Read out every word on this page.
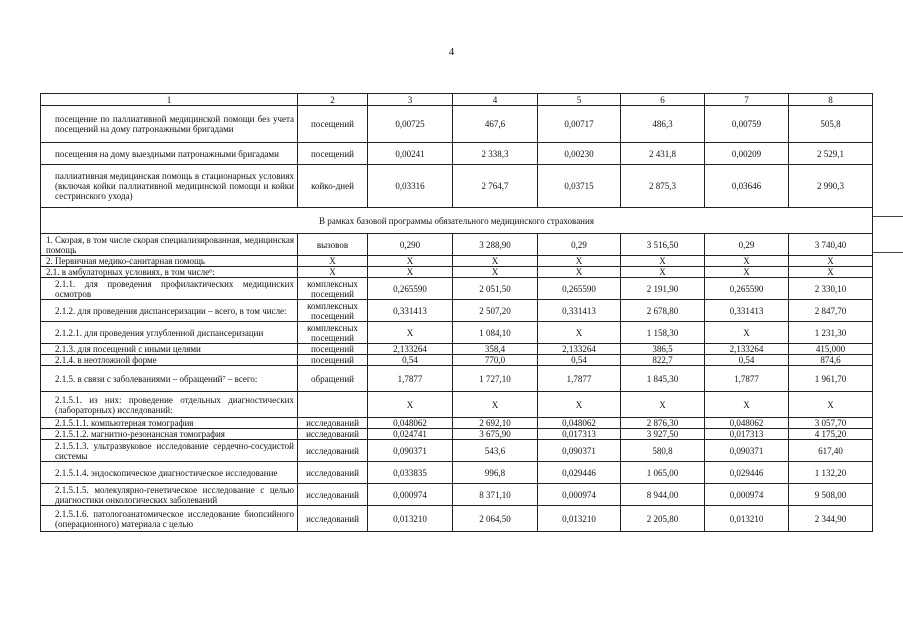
4
1	2	3	4	5	6	7	8
посещение по паллиативной медицинской помощи без учета посещений на дому патронажными бригадами	посещений	0,00725	467,6	0,00717	486,3	0,00759	505,8
посещения на дому выездными патронажными бригадами	посещений	0,00241	2 338,3	0,00230	2 431,8	0,00209	2 529,1
паллиативная медицинская помощь в стационарных условиях (включая койки паллиативной медицинской помощи и койки сестринского ухода)	койко-дней	0,03316	2 764,7	0,03715	2 875,3	0,03646	2 990,3
В рамках базовой программы обязательного медицинского страхования							
1. Скорая, в том числе скорая специализированная, медицинская помощь	вызовов	0,290	3 288,90	0,29	3 516,50	0,29	3 740,40
2. Первичная медико-санитарная помощь	Х	Х	Х	Х	Х	Х	Х
2.1. в амбулаторных условиях, в том числе⁶:	Х	Х	Х	Х	Х	Х	Х
2.1.1. для проведения профилактических медицинских осмотров	комплексных посещений	0,265590	2 051,50	0,265590	2 191,90	0,265590	2 330,10
2.1.2. для проведения диспансеризации – всего, в том числе:	комплексных посещений	0,331413	2 507,20	0,331413	2 678,80	0,331413	2 847,70
2.1.2.1. для проведения углубленной диспансеризации	комплексных посещений	Х	1 084,10	Х	1 158,30	Х	1 231,30
2.1.3. для посещений с иными целями	посещений	2,133264	358,4	2,133264	386,5	2,133264	415,000
2.1.4. в неотложной форме	посещений	0,54	770,0	0,54	822,7	0,54	874,6
2.1.5. в связи с заболеваниями – обращений⁷ – всего:	обращений	1,7877	1 727,10	1,7877	1 845,30	1,7877	1 961,70
2.1.5.1. из них: проведение отдельных диагностических (лабораторных) исследований:		Х	Х	Х	Х	Х	Х
2.1.5.1.1. компьютерная томография	исследований	0,048062	2 692,10	0,048062	2 876,30	0,048062	3 057,70
2.1.5.1.2. магнитно-резонансная томография	исследований	0,024741	3 675,90	0,017313	3 927,50	0,017313	4 175,20
2.1.5.1.3. ультразвуковое исследование сердечно-сосудистой системы	исследований	0,090371	543,6	0,090371	580,8	0,090371	617,40
2.1.5.1.4. эндоскопическое диагностическое исследование	исследований	0,033835	996,8	0,029446	1 065,00	0,029446	1 132,20
2.1.5.1.5. молекулярно-генетическое исследование с целью диагностики онкологических заболеваний	исследований	0,000974	8 371,10	0,000974	8 944,00	0,000974	9 508,00
2.1.5.1.6. патологоанатомическое исследование биопсийного (операционного) материала с целью	исследований	0,013210	2 064,50	0,013210	2 205,80	0,013210	2 344,90
